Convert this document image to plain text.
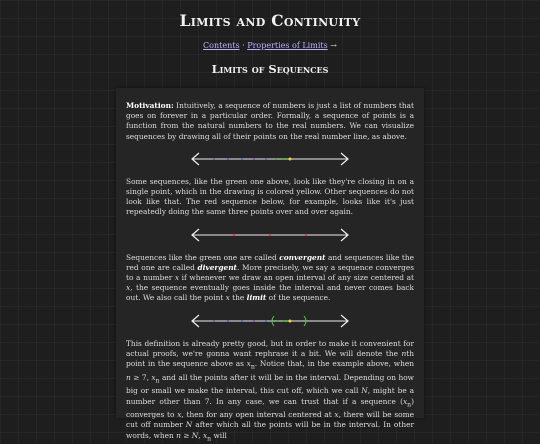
Limits and Continuity
Contents · Properties of Limits →
Limits of Sequences

Motivation: Intuitively, a sequence of numbers is just a list of numbers that goes on forever in a particular order. Formally, a sequence of points is a function from the natural numbers to the real numbers. We can visualize sequences by drawing all of their points on the real number line, as above.

Some sequences, like the green one above, look like they're closing in on a single point, which in the drawing is colored yellow. Other sequences do not look like that. The red sequence below, for example, looks like it's just repeatedly doing the same three points over and over again.

Sequences like the green one are called convergent and sequences like the red one are called divergent. More precisely, we say a sequence converges to a number x if whenever we draw an open interval of any size centered at x, the sequence eventually goes inside the interval and never comes back out. We also call the point x the limit of the sequence.

This definition is already pretty good, but in order to make it convenient for actual proofs, we're gonna want rephrase it a bit. We will denote the nth point in the sequence above as $x_n$. Notice that, in the example above, when n ≥ 7, $x_n$ and all the points after it will be in the interval. Depending on how big or small we make the interval, this cut off, which we call N, might be a number other than 7. In any case, we can trust that if a sequence $(x_n)$ converges to x, then for any open interval centered at x, there will be some cut off number N after which all the points will be in the interval. In other words, when n ≥ N, $x_n$ will
